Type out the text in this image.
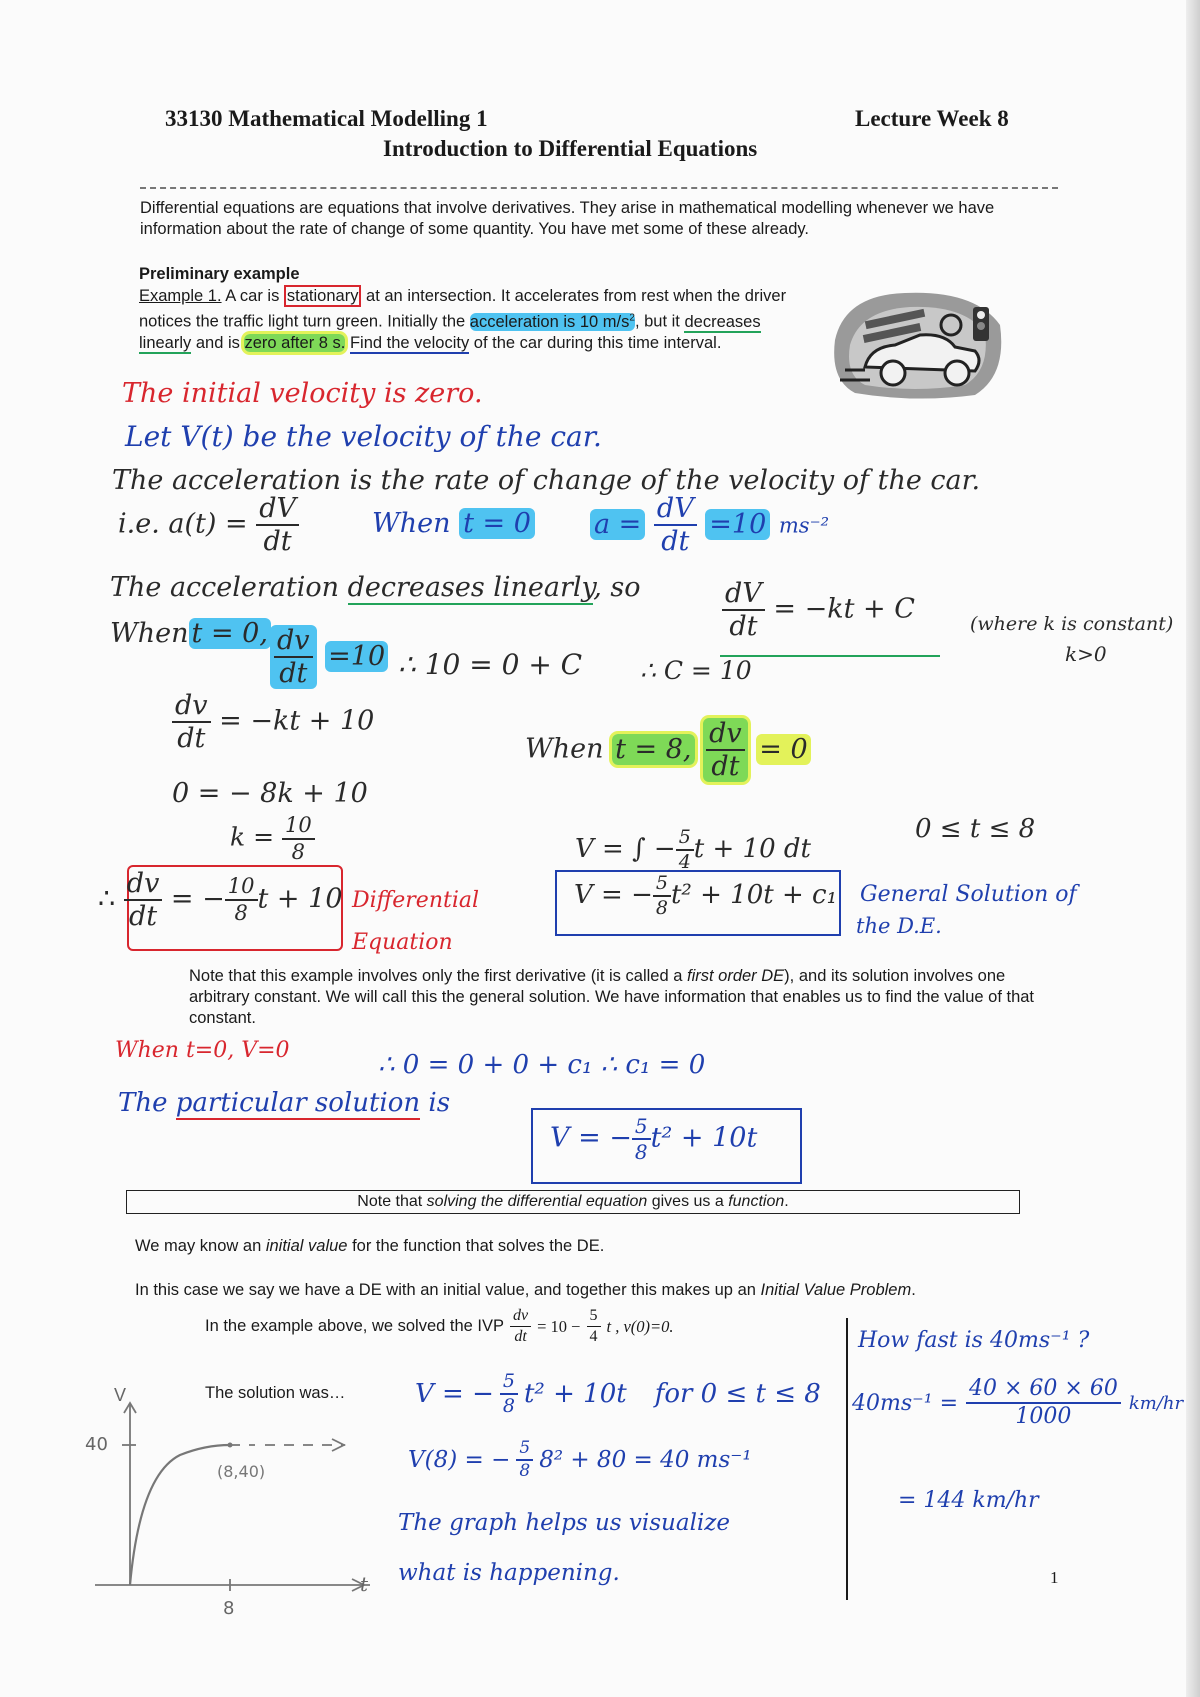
33130 Mathematical Modelling 1	Lecture Week 8
Introduction to Differential Equations
Differential equations are equations that involve derivatives. They arise in mathematical modelling whenever we have information about the rate of change of some quantity. You have met some of these already.
Preliminary example
Example 1. A car is stationary at an intersection. It accelerates from rest when the driver notices the traffic light turn green. Initially the acceleration is 10 $m/s^2$, but it decreases linearly and is zero after 8 s. Find the velocity of the car during this time interval.
The initial velocity is zero.
Let V(t) be the velocity of the car.
The acceleration is the rate of change of the velocity of the car.
i.e. $a(t) = \frac{dV}{dt}$	When t = 0 $a = \frac{dV}{dt} =10$ ms⁻²
The acceleration decreases linearly, so	$\frac{dV}{dt} = -kt + C$	(where k is constant)
k>0
When t = 0, $\frac{dv}{dt} =10$ ∴ 10 = 0 + C ∴ C = 10
$\frac{dv}{dt} = -kt + 10$
When t = 8, $\frac{dv}{dt} = 0$
0 = − 8k + 10
$k = \frac{10}{8}$	V = ∫ − $\frac{5}{4}$ t + 10 dt
0 ≤ t ≤ 8
∴ $\frac{dv}{dt}$ = − $\frac{10}{8}$ t + 10 Differential Equation
V = − $\frac{5}{8} t^2 + 10t + c_1$ General Solution of
the D.E.
Note that this example involves only the first derivative (it is called a first order DE), and its solution involves one arbitrary constant. We will call this the general solution. We have information that enables us to find the value of that constant.
When t=0, V=0	∴ 0 = 0 + 0 + c₁ ∴ c₁ = 0
The particular solution is
V = − $\frac{5}{8} t^2 + 10t$
Note that solving the differential equation gives us a function.
We may know an initial value for the function that solves the DE.
In this case we say we have a DE with an initial value, and together this makes up an Initial Value Problem.
In the example above, we solved the IVP $\frac{dv}{dt} = 10 - \frac{5}{4}$ t , v(0)=0.
How fast is 40ms⁻¹ ?
$40ms^{-1} = \frac{40 \times 60 \times 60}{1000} km/hr$
= 144 km/hr
The solution was…	V = − $\frac{5}{8} t^2 + 10t$ for 0 ≤ t ≤ 8
V(8) = − $\frac{5}{8} 8^2 + 80 = 40$ ms⁻¹
The graph helps us visualize
what is happening.
V
40
(8,40)
8
t	1
